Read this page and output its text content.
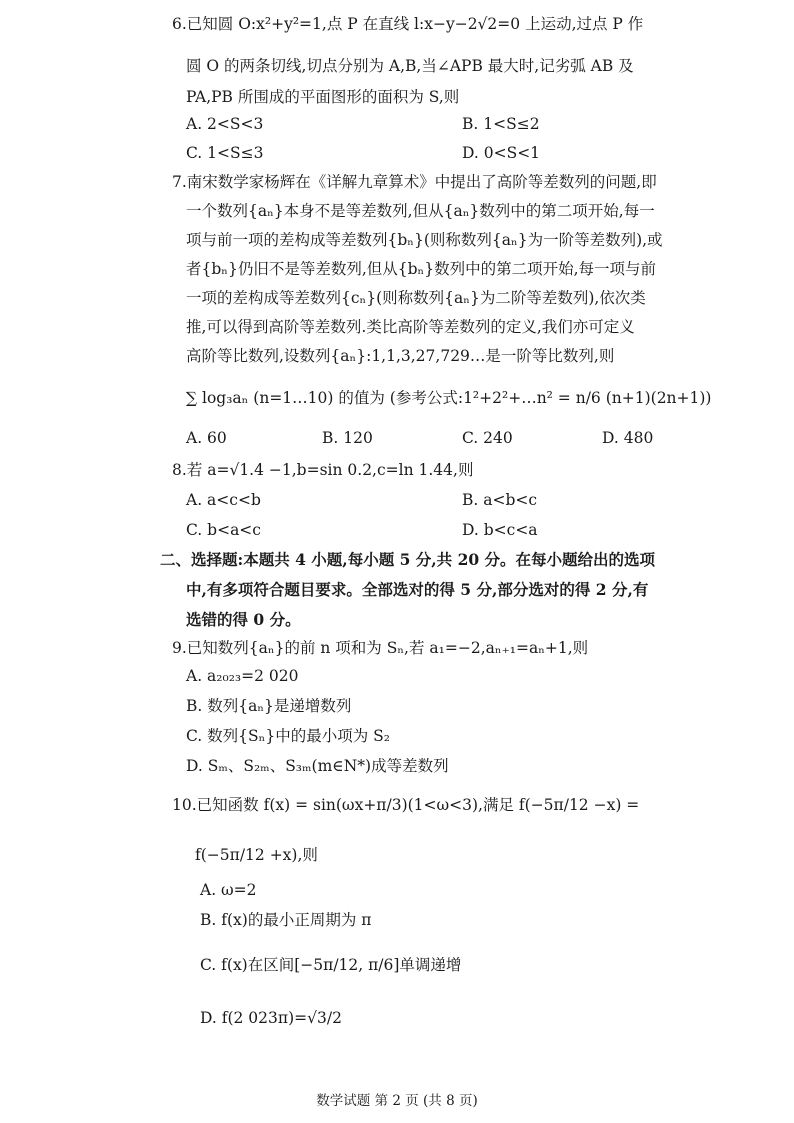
6.已知圆 O:x²+y²=1,点 P 在直线 l:x−y−2√2=0 上运动,过点 P 作
圆 O 的两条切线,切点分别为 A,B,当∠APB 最大时,记劣弧 AB 及
PA,PB 所围成的平面图形的面积为 S,则
A. 2<S<3	B. 1<S≤2
C. 1<S≤3	D. 0<S<1
7.南宋数学家杨辉在《详解九章算术》中提出了高阶等差数列的问题,即
一个数列{aₙ}本身不是等差数列,但从{aₙ}数列中的第二项开始,每一
项与前一项的差构成等差数列{bₙ}(则称数列{aₙ}为一阶等差数列),或
者{bₙ}仍旧不是等差数列,但从{bₙ}数列中的第二项开始,每一项与前
一项的差构成等差数列{cₙ}(则称数列{aₙ}为二阶等差数列),依次类
推,可以得到高阶等差数列.类比高阶等差数列的定义,我们亦可定义
高阶等比数列,设数列{aₙ}:1,1,3,27,729…是一阶等比数列,则
∑ log₃aₙ (n=1…10) 的值为 (参考公式:1²+2²+…n² = n/6 (n+1)(2n+1))
A. 60	B. 120	C. 240	D. 480
8.若 a=√1.4 −1,b=sin 0.2,c=ln 1.44,则
A. a<c<b	B. a<b<c
C. b<a<c	D. b<c<a
二、选择题:本题共 4 小题,每小题 5 分,共 20 分。在每小题给出的选项
中,有多项符合题目要求。全部选对的得 5 分,部分选对的得 2 分,有
选错的得 0 分。
9.已知数列{aₙ}的前 n 项和为 Sₙ,若 a₁=−2,aₙ₊₁=aₙ+1,则
A. a₂₀₂₃=2 020
B. 数列{aₙ}是递增数列
C. 数列{Sₙ}中的最小项为 S₂
D. Sₘ、S₂ₘ、S₃ₘ(m∈N*)成等差数列
10.已知函数 f(x) = sin(ωx+π/3)(1<ω<3),满足 f(−5π/12 −x) =
f(−5π/12 +x),则
A. ω=2
B. f(x)的最小正周期为 π
C. f(x)在区间[−5π/12, π/6]单调递增
D. f(2 023π)=√3/2
数学试题 第 2 页 (共 8 页)
